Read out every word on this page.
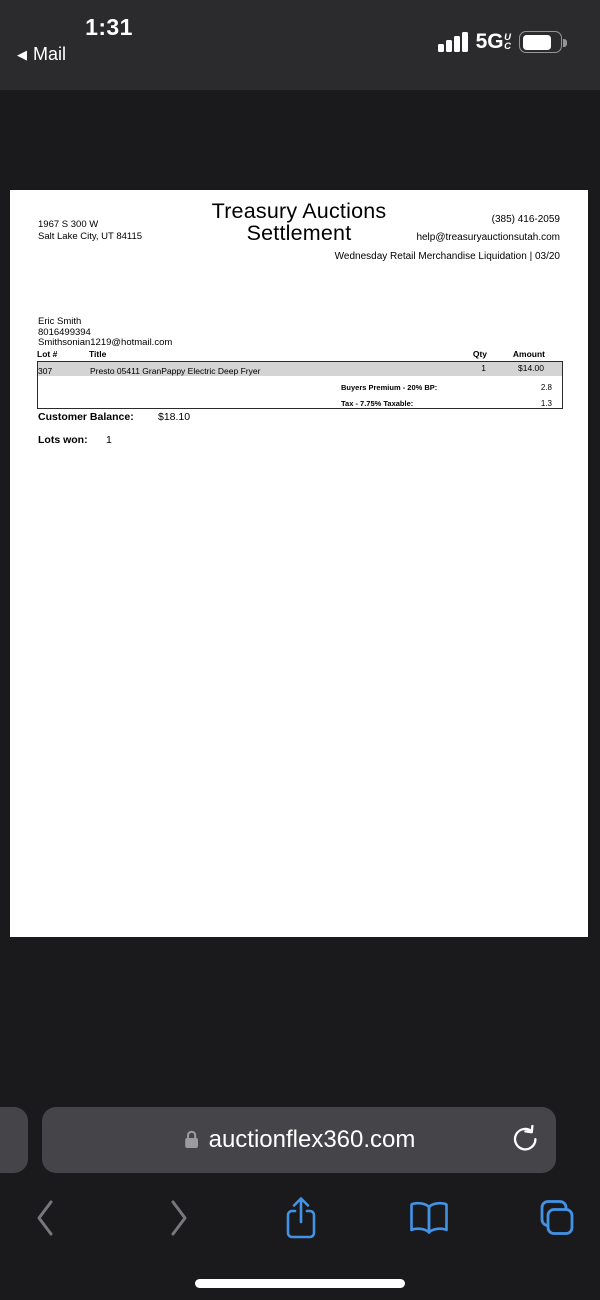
1:31
◀ Mail
5G U
C
1967 S 300 W
Salt Lake City, UT 84115
Treasury Auctions
Settlement
(385) 416-2059
help@treasuryauctionsutah.com
Wednesday Retail Merchandise Liquidation | 03/20
Eric Smith
8016499394
Smithsonian1219@hotmail.com
Lot #	Title	Qty	Amount
307	Presto 05411 GranPappy Electric Deep Fryer	1	$14.00
Buyers Premium - 20% BP:	2.8
Tax - 7.75% Taxable:	1.3
Customer Balance: $18.10
Lots won: 1
auctionflex360.com
